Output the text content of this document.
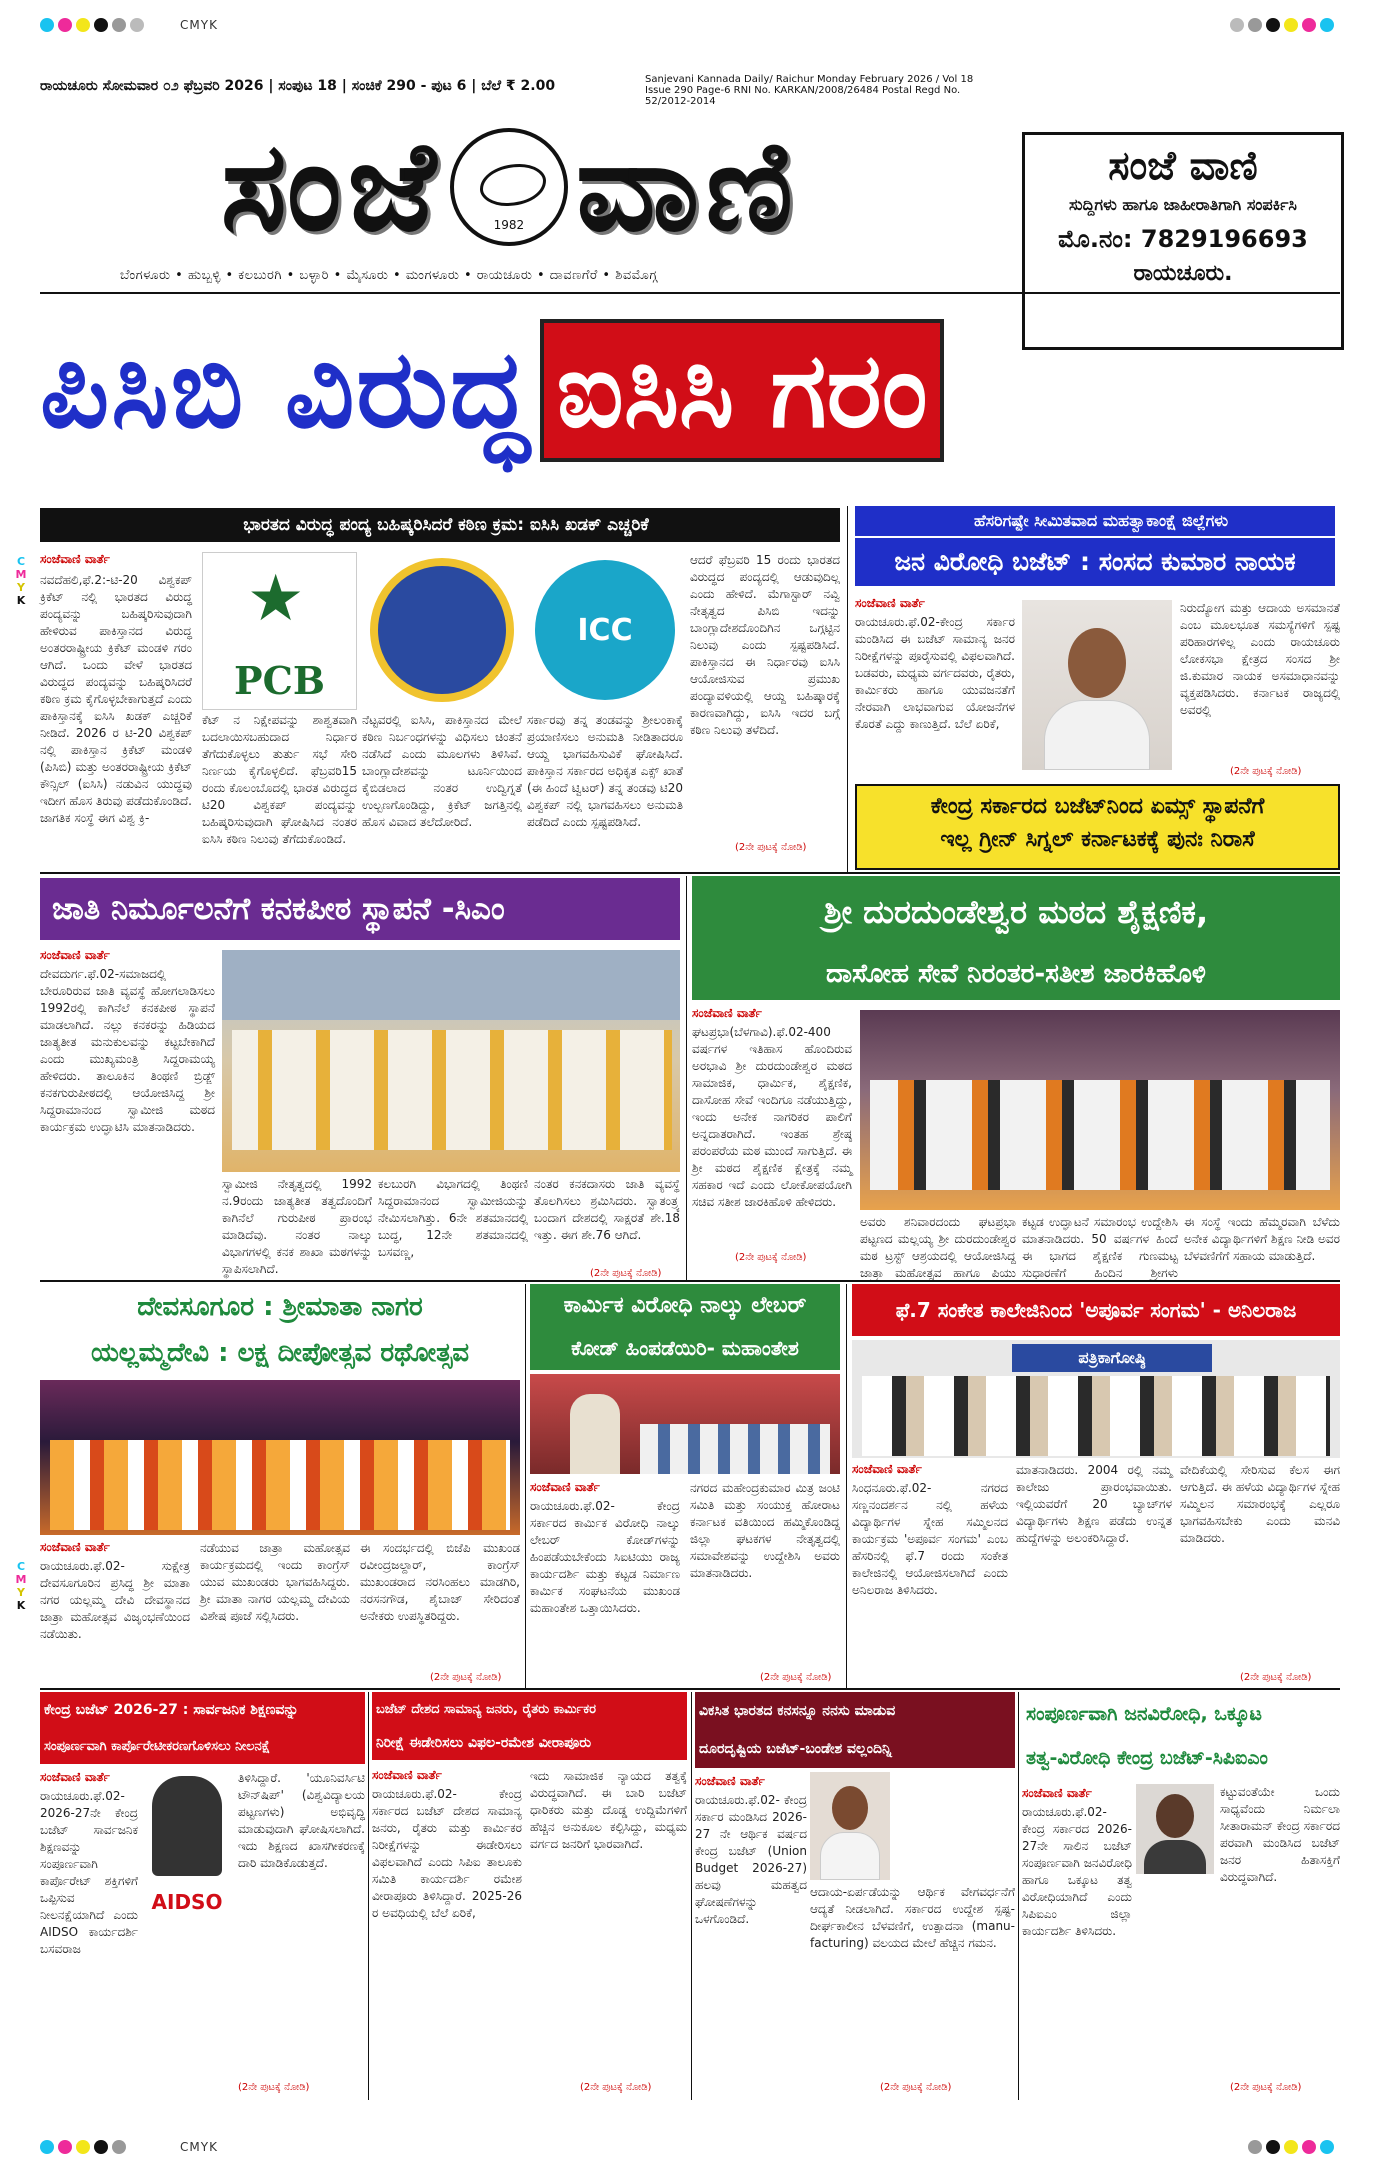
CMYK
CMYK
C
M
Y
K
C
M
Y
K
ರಾಯಚೂರು ಸೋಮವಾರ ೦೨ ಫೆಬ್ರವರಿ 2026 | ಸಂಪುಟ 18 | ಸಂಚಿಕೆ 290 - ಪುಟ 6 | ಬೆಲೆ ₹ 2.00	Sanjevani Kannada Daily/ Raichur Monday February 2026 / Vol 18 Issue 290 Page-6 RNI No. KARKAN/2008/26484 Postal Regd No. 52/2012-2014
ಸಂಜೆ	1982 ವಾಣಿ
ಬೆಂಗಳೂರು • ಹುಬ್ಬಳ್ಳಿ • ಕಲಬುರಗಿ • ಬಳ್ಳಾರಿ • ಮೈಸೂರು • ಮಂಗಳೂರು • ರಾಯಚೂರು • ದಾವಣಗೆರೆ • ಶಿವಮೊಗ್ಗ
ಸಂಜೆ ವಾಣಿ
ಸುದ್ದಿಗಳು ಹಾಗೂ ಜಾಹೀರಾತಿಗಾಗಿ ಸಂಪರ್ಕಿಸಿ
ಮೊ.ನಂ: 7829196693
ರಾಯಚೂರು.
ಪಿಸಿಬಿ ವಿರುದ್ಧ ಐಸಿಸಿ ಗರಂ
ಭಾರತದ ವಿರುದ್ಧ ಪಂದ್ಯ ಬಹಿಷ್ಕರಿಸಿದರೆ ಕಠಿಣ ಕ್ರಮ: ಐಸಿಸಿ ಖಡಕ್ ಎಚ್ಚರಿಕೆ
ಸಂಜೆವಾಣಿ ವಾರ್ತೆ
ನವದೆಹಲಿ,ಫೆ.2:-ಟಿ-20 ವಿಶ್ವಕಪ್ ಕ್ರಿಕೆಟ್ ನಲ್ಲಿ ಭಾರತದ ವಿರುದ್ಧ ಪಂದ್ಯವನ್ನು ಬಹಿಷ್ಕರಿಸುವುದಾಗಿ ಹೇಳಿರುವ ಪಾಕಿಸ್ತಾನದ ವಿರುದ್ಧ ಅಂತರರಾಷ್ಟ್ರೀಯ ಕ್ರಿಕೆಟ್ ಮಂಡಳಿ ಗರಂ ಆಗಿದೆ. ಒಂದು ವೇಳೆ ಭಾರತದ ವಿರುದ್ಧದ ಪಂದ್ಯವನ್ನು ಬಹಿಷ್ಕರಿಸಿದರೆ ಕಠಿಣ ಕ್ರಮ ಕೈಗೊಳ್ಳಬೇಕಾಗುತ್ತದೆ ಎಂದು ಪಾಕಿಸ್ತಾನಕ್ಕೆ ಐಸಿಸಿ ಖಡಕ್ ಎಚ್ಚರಿಕೆ ನೀಡಿದೆ. 2026 ರ ಟಿ-20 ವಿಶ್ವಕಪ್ ನಲ್ಲಿ ಪಾಕಿಸ್ತಾನ ಕ್ರಿಕೆಟ್ ಮಂಡಳಿ (ಪಿಸಿಬಿ) ಮತ್ತು ಅಂತರರಾಷ್ಟ್ರೀಯ ಕ್ರಿಕೆಟ್ ಕೌನ್ಸಿಲ್ (ಐಸಿಸಿ) ನಡುವಿನ ಯುದ್ಧವು ಇದೀಗ ಹೊಸ ತಿರುವು ಪಡೆದುಕೊಂಡಿದೆ. ಜಾಗತಿಕ ಸಂಸ್ಥೆ ಈಗ ವಿಶ್ವ ಕ್ರಿ-
★
PCB
ICC
ಕೆಟ್ ನ ನಿಕ್ಷೇಪವನ್ನು ಶಾಶ್ವತವಾಗಿ ಬದಲಾಯಿಸಬಹುದಾದ ನಿರ್ಧಾರ ತೆಗೆದುಕೊಳ್ಳಲು ತುರ್ತು ಸಭೆ ಸೇರಿ ನಿರ್ಣಯ ಕೈಗೊಳ್ಳಲಿದೆ. ಫೆಬ್ರವರಿ15 ರಂದು ಕೊಲಂಬೊದಲ್ಲಿ ಭಾರತ ವಿರುದ್ಧದ ಟಿ20 ವಿಶ್ವಕಪ್ ಪಂದ್ಯವನ್ನು ಬಹಿಷ್ಕರಿಸುವುದಾಗಿ ಘೋಷಿಸಿದ ನಂತರ ಐಸಿಸಿ ಕಠಿಣ ನಿಲುವು ತೆಗೆದುಕೊಂಡಿದೆ.
ನೆಟ್ಟವರಲ್ಲಿ ಐಸಿಸಿ, ಪಾಕಿಸ್ತಾನದ ಮೇಲೆ ಕಠಿಣ ನಿರ್ಬಂಧಗಳನ್ನು ವಿಧಿಸಲು ಚಿಂತನೆ ನಡೆಸಿದೆ ಎಂದು ಮೂಲಗಳು ತಿಳಿಸಿವೆ. ಬಾಂಗ್ಲಾದೇಶವನ್ನು ಟೂರ್ನಿಯಿಂದ ಕೈಬಿಡಲಾದ ನಂತರ ಉದ್ವಿಗ್ನತೆ ಉಲ್ಬಣಗೊಂಡಿದ್ದು, ಕ್ರಿಕೆಟ್ ಜಗತ್ತಿನಲ್ಲಿ ಹೊಸ ವಿವಾದ ತಲೆದೋರಿದೆ.
ಸರ್ಕಾರವು ತನ್ನ ತಂಡವನ್ನು ಶ್ರೀಲಂಕಾಕ್ಕೆ ಪ್ರಯಾಣಿಸಲು ಅನುಮತಿ ನೀಡಿತಾದರೂ ಆಯ್ದ ಭಾಗವಹಿಸುವಿಕೆ ಘೋಷಿಸಿದೆ. ಪಾಕಿಸ್ತಾನ ಸರ್ಕಾರದ ಅಧಿಕೃತ ಎಕ್ಸ್ ಖಾತೆ (ಈ ಹಿಂದೆ ಟ್ವಿಟರ್) ತನ್ನ ತಂಡವು ಟಿ20 ವಿಶ್ವಕಪ್ ನಲ್ಲಿ ಭಾಗವಹಿಸಲು ಅನುಮತಿ ಪಡೆದಿದೆ ಎಂದು ಸ್ಪಷ್ಟಪಡಿಸಿದೆ.
ಆದರೆ ಫೆಬ್ರವರಿ 15 ರಂದು ಭಾರತದ ವಿರುದ್ಧದ ಪಂದ್ಯದಲ್ಲಿ ಆಡುವುದಿಲ್ಲ ಎಂದು ಹೇಳಿದೆ. ಮೆಗಾಸ್ಟಾರ್ ನವ್ವಿ ನೇತೃತ್ವದ ಪಿಸಿಬಿ ಇದನ್ನು ಬಾಂಗ್ಲಾದೇಶದೊಂದಿಗಿನ ಒಗ್ಗಟ್ಟಿನ ನಿಲುವು ಎಂದು ಸ್ಪಷ್ಟಪಡಿಸಿದೆ. ಪಾಕಿಸ್ತಾನದ ಈ ನಿರ್ಧಾರವು ಐಸಿಸಿ ಆಯೋಜಿಸುವ ಪ್ರಮುಖ ಪಂದ್ಯಾವಳಿಯಲ್ಲಿ ಆಯ್ದ ಬಹಿಷ್ಕಾರಕ್ಕೆ ಕಾರಣವಾಗಿದ್ದು, ಐಸಿಸಿ ಇದರ ಬಗ್ಗೆ ಕಠಿಣ ನಿಲುವು ತಳೆದಿದೆ.
(2ನೇ ಪುಟಕ್ಕೆ ನೋಡಿ)
ಹೆಸರಿಗಷ್ಟೇ ಸೀಮಿತವಾದ ಮಹತ್ವಾಕಾಂಕ್ಷೆ ಜಿಲ್ಲೆಗಳು
ಜನ ವಿರೋಧಿ ಬಜೆಟ್ : ಸಂಸದ ಕುಮಾರ ನಾಯಕ
ಸಂಜೆವಾಣಿ ವಾರ್ತೆ
ರಾಯಚೂರು.ಫೆ.02-ಕೇಂದ್ರ ಸರ್ಕಾರ ಮಂಡಿಸಿದ ಈ ಬಜೆಟ್ ಸಾಮಾನ್ಯ ಜನರ ನಿರೀಕ್ಷೆಗಳನ್ನು ಪೂರೈಸುವಲ್ಲಿ ವಿಫಲವಾಗಿದೆ. ಬಡವರು, ಮಧ್ಯಮ ವರ್ಗದವರು, ರೈತರು, ಕಾರ್ಮಿಕರು ಹಾಗೂ ಯುವಜನತೆಗೆ ನೇರವಾಗಿ ಲಾಭವಾಗುವ ಯೋಜನೆಗಳ ಕೊರತೆ ಎದ್ದು ಕಾಣುತ್ತಿದೆ. ಬೆಲೆ ಏರಿಕೆ,
ನಿರುದ್ಯೋಗ ಮತ್ತು ಆದಾಯ ಅಸಮಾನತೆ ಎಂಬ ಮೂಲಭೂತ ಸಮಸ್ಯೆಗಳಿಗೆ ಸ್ಪಷ್ಟ ಪರಿಹಾರಗಳಿಲ್ಲ ಎಂದು ರಾಯಚೂರು ಲೋಕಸಭಾ ಕ್ಷೇತ್ರದ ಸಂಸದ ಶ್ರೀ ಜಿ.ಕುಮಾರ ನಾಯಕ ಅಸಮಾಧಾನವನ್ನು ವ್ಯಕ್ತಪಡಿಸಿದರು. ಕರ್ನಾಟಕ ರಾಜ್ಯದಲ್ಲಿ ಅವರಲ್ಲಿ
(2ನೇ ಪುಟಕ್ಕೆ ನೋಡಿ)
ಕೇಂದ್ರ ಸರ್ಕಾರದ ಬಜೆಟ್‌ನಿಂದ ಏಮ್ಸ್ ಸ್ಥಾಪನೆಗೆ
ಇಲ್ಲ ಗ್ರೀನ್ ಸಿಗ್ನಲ್ ಕರ್ನಾಟಕಕ್ಕೆ ಪುನಃ ನಿರಾಸೆ
ಜಾತಿ ನಿರ್ಮೂಲನೆಗೆ ಕನಕಪೀಠ ಸ್ಥಾಪನೆ -ಸಿಎಂ
ಸಂಜೆವಾಣಿ ವಾರ್ತೆ
ದೇವದುರ್ಗ.ಫೆ.02-ಸಮಾಜದಲ್ಲಿ ಬೇರೂರಿರುವ ಜಾತಿ ವ್ಯವಸ್ಥೆ ಹೋಗಲಾಡಿಸಲು 1992ರಲ್ಲಿ ಕಾಗಿನೆಲೆ ಕನಕಪೀಠ ಸ್ಥಾಪನೆ ಮಾಡಲಾಗಿದೆ. ನಲ್ಲು ಕನಕರನ್ನು ಹಿಡಿಯದ ಜಾತ್ಯತೀತ ಮನುಕುಲವನ್ನು ಕಟ್ಟಬೇಕಾಗಿದೆ ಎಂದು ಮುಖ್ಯಮಂತ್ರಿ ಸಿದ್ದರಾಮಯ್ಯ ಹೇಳಿದರು. ತಾಲೂಕಿನ ತಿಂಥಣಿ ಬ್ರಿಡ್ಜ್ ಕನಕಗುರುಪೀಠದಲ್ಲಿ ಆಯೋಜಿಸಿದ್ದ ಶ್ರೀ ಸಿದ್ದರಾಮಾನಂದ ಸ್ವಾಮೀಜಿ ಮಠದ ಕಾರ್ಯಕ್ರಮ ಉದ್ಘಾಟಿಸಿ ಮಾತನಾಡಿದರು.
ಸ್ವಾಮೀಜಿ ನೇತೃತ್ವದಲ್ಲಿ 1992 ನ.9ರಂದು ಜಾತ್ಯತೀತ ತತ್ವದೊಂದಿಗೆ ಕಾಗಿನೆಲೆ ಗುರುಪೀಠ ಪ್ರಾರಂಭ ಮಾಡಿದೆವು. ನಂತರ ನಾಲ್ಕು ವಿಭಾಗಗಳಲ್ಲಿ ಕನಕ ಶಾಖಾ ಮಠಗಳನ್ನು ಸ್ಥಾಪಿಸಲಾಗಿದೆ.
ಕಲಬುರಗಿ ವಿಭಾಗದಲ್ಲಿ ತಿಂಥಣಿ ಸಿದ್ದರಾಮಾನಂದ ಸ್ವಾಮೀಜಿಯನ್ನು ನೇಮಿಸಲಾಗಿತ್ತು. 6ನೇ ಶತಮಾನದಲ್ಲಿ ಬುದ್ಧ, 12ನೇ ಶತಮಾನದಲ್ಲಿ ಬಸವಣ್ಣ,
ನಂತರ ಕನಕದಾಸರು ಜಾತಿ ವ್ಯವಸ್ಥೆ ತೊಲಗಿಸಲು ಶ್ರಮಿಸಿದರು. ಸ್ವಾತಂತ್ರ್ಯ ಬಂದಾಗ ದೇಶದಲ್ಲಿ ಸಾಕ್ಷರತೆ ಶೇ.18 ಇತ್ತು. ಈಗ ಶೇ.76 ಆಗಿದೆ.
(2ನೇ ಪುಟಕ್ಕೆ ನೋಡಿ)
ಶ್ರೀ ದುರದುಂಡೇಶ್ವರ ಮಠದ ಶೈಕ್ಷಣಿಕ,
ದಾಸೋಹ ಸೇವೆ ನಿರಂತರ-ಸತೀಶ ಜಾರಕಿಹೊಳಿ
ಸಂಜೆವಾಣಿ ವಾರ್ತೆ
ಘಟಪ್ರಭಾ(ಬೆಳಗಾವಿ).ಫೆ.02-400 ವರ್ಷಗಳ ಇತಿಹಾಸ ಹೊಂದಿರುವ ಅರಭಾವಿ ಶ್ರೀ ದುರದುಂಡೇಶ್ವರ ಮಠದ ಸಾಮಾಜಿಕ, ಧಾರ್ಮಿಕ, ಶೈಕ್ಷಣಿಕ, ದಾಸೋಹ ಸೇವೆ ಇಂದಿಗೂ ನಡೆಯುತ್ತಿದ್ದು, ಇಂದು ಅನೇಕ ನಾಗರಿಕರ ಪಾಲಿಗೆ ಅನ್ನದಾತರಾಗಿದೆ. ಇಂತಹ ಶ್ರೇಷ್ಠ ಪರಂಪರೆಯ ಮಠ ಮುಂದೆ ಸಾಗುತ್ತಿದೆ. ಈ ಶ್ರೀ ಮಠದ ಶೈಕ್ಷಣಿಕ ಕ್ಷೇತ್ರಕ್ಕೆ ನಮ್ಮ ಸಹಕಾರ ಇದೆ ಎಂದು ಲೋಕೋಪಯೋಗಿ ಸಚಿವ ಸತೀಶ ಜಾರಕಿಹೊಳಿ ಹೇಳಿದರು.
ಅವರು ಶನಿವಾರದಂದು ಘಟಪ್ರಭಾ ಪಟ್ಟಣದ ಮಲ್ಲಯ್ಯ ಶ್ರೀ ದುರದುಂಡೇಶ್ವರ ಮಠ ಟ್ರಸ್ಟ್ ಆಶ್ರಯದಲ್ಲಿ ಆಯೋಜಿಸಿದ್ದ ಜಾತ್ರಾ ಮಹೋತ್ಸವ ಹಾಗೂ ಪಿಯು
ಕಟ್ಟಡ ಉದ್ಘಾಟನೆ ಸಮಾರಂಭ ಉದ್ದೇಶಿಸಿ ಮಾತನಾಡಿದರು. 50 ವರ್ಷಗಳ ಹಿಂದೆ ಈ ಭಾಗದ ಶೈಕ್ಷಣಿಕ ಗುಣಮಟ್ಟ ಸುಧಾರಣೆಗೆ ಹಿಂದಿನ ಶ್ರೀಗಳು
ಈ ಸಂಸ್ಥೆ ಇಂದು ಹೆಮ್ಮರವಾಗಿ ಬೆಳೆದು ಅನೇಕ ವಿದ್ಯಾರ್ಥಿಗಳಿಗೆ ಶಿಕ್ಷಣ ನೀಡಿ ಅವರ ಬೆಳವಣಿಗೆಗೆ ಸಹಾಯ ಮಾಡುತ್ತಿದೆ.
(2ನೇ ಪುಟಕ್ಕೆ ನೋಡಿ)
ದೇವಸೂಗೂರ : ಶ್ರೀಮಾತಾ ನಾಗರ
ಯಲ್ಲಮ್ಮದೇವಿ : ಲಕ್ಷ ದೀಪೋತ್ಸವ ರಥೋತ್ಸವ
ಸಂಜೆವಾಣಿ ವಾರ್ತೆ
ರಾಯಚೂರು.ಫೆ.02- ಸುಕ್ಷೇತ್ರ ದೇವಸೂಗೂರಿನ ಪ್ರಸಿದ್ಧ ಶ್ರೀ ಮಾತಾ ನಗರ ಯಲ್ಲಮ್ಮ ದೇವಿ ದೇವಸ್ಥಾನದ ಜಾತ್ರಾ ಮಹೋತ್ಸವ ವಿಜೃಂಭಣೆಯಿಂದ ನಡೆಯಿತು.
ನಡೆಯುವ ಜಾತ್ರಾ ಮಹೋತ್ಸವ ಕಾರ್ಯಕ್ರಮದಲ್ಲಿ ಇಂದು ಕಾಂಗ್ರೆಸ್ ಯುವ ಮುಖಂಡರು ಭಾಗವಹಿಸಿದ್ದರು. ಶ್ರೀ ಮಾತಾ ನಾಗರ ಯಲ್ಲಮ್ಮ ದೇವಿಯ ವಿಶೇಷ ಪೂಜೆ ಸಲ್ಲಿಸಿದರು.
ಈ ಸಂದರ್ಭದಲ್ಲಿ ಬಿಜೆಪಿ ಮುಖಂಡ ರವೀಂದ್ರಜಲ್ದಾರ್, ಕಾಂಗ್ರೆಸ್ ಮುಖಂಡರಾದ ನರಸಿಂಹಲು ಮಾಡಗಿರಿ, ನರಸನಗೌಡ, ಶೈಬಾಜ್ ಸೇರಿದಂತೆ ಅನೇಕರು ಉಪಸ್ಥಿತರಿದ್ದರು.
(2ನೇ ಪುಟಕ್ಕೆ ನೋಡಿ)
ಕಾರ್ಮಿಕ ವಿರೋಧಿ ನಾಲ್ಕು ಲೇಬರ್
ಕೋಡ್ ಹಿಂಪಡೆಯಿರಿ- ಮಹಾಂತೇಶ
ಸಂಜೆವಾಣಿ ವಾರ್ತೆ
ರಾಯಚೂರು.ಫೆ.02- ಕೇಂದ್ರ ಸರ್ಕಾರದ ಕಾರ್ಮಿಕ ವಿರೋಧಿ ನಾಲ್ಕು ಲೇಬರ್ ಕೋಡ್‌ಗಳನ್ನು ಹಿಂಪಡೆಯಬೇಕೆಂದು ಸಿಐಟಿಯು ರಾಜ್ಯ ಕಾರ್ಯದರ್ಶಿ ಮತ್ತು ಕಟ್ಟಡ ನಿರ್ಮಾಣ ಕಾರ್ಮಿಕ ಸಂಘಟನೆಯ ಮುಖಂಡ ಮಹಾಂತೇಶ ಒತ್ತಾಯಿಸಿದರು.
ನಗರದ ಮಹೇಂದ್ರಕುಮಾರ ಮಿತ್ರ ಜಂಟಿ ಸಮಿತಿ ಮತ್ತು ಸಂಯುಕ್ತ ಹೋರಾಟ ಕರ್ನಾಟಕ ವತಿಯಿಂದ ಹಮ್ಮಿಕೊಂಡಿದ್ದ ಜಿಲ್ಲಾ ಘಟಕಗಳ ನೇತೃತ್ವದಲ್ಲಿ ಸಮಾವೇಶವನ್ನು ಉದ್ದೇಶಿಸಿ ಅವರು ಮಾತನಾಡಿದರು.
(2ನೇ ಪುಟಕ್ಕೆ ನೋಡಿ)
ಫೆ.7 ಸಂಕೇತ ಕಾಲೇಜಿನಿಂದ 'ಅಪೂರ್ವ ಸಂಗಮ' - ಅನಿಲರಾಜ
ಪತ್ರಿಕಾಗೋಷ್ಠಿ
ಸಂಜೆವಾಣಿ ವಾರ್ತೆ
ಸಿಂಧನೂರು.ಫೆ.02- ನಗರದ ಸಣ್ಣನಂದರ್ಶನ ನಲ್ಲಿ ಹಳೆಯ ವಿದ್ಯಾರ್ಥಿಗಳ ಸ್ನೇಹ ಸಮ್ಮಿಲನದ ಕಾರ್ಯಕ್ರಮ 'ಅಪೂರ್ವ ಸಂಗಮ' ಎಂಬ ಹೆಸರಿನಲ್ಲಿ ಫೆ.7 ರಂದು ಸಂಕೇತ ಕಾಲೇಜಿನಲ್ಲಿ ಆಯೋಜಿಸಲಾಗಿದೆ ಎಂದು ಅನಿಲರಾಜ ತಿಳಿಸಿದರು.
ಮಾತನಾಡಿದರು. 2004 ರಲ್ಲಿ ನಮ್ಮ ಕಾಲೇಜು ಪ್ರಾರಂಭವಾಯಿತು. ಇಲ್ಲಿಯವರೆಗೆ 20 ಬ್ಯಾಚ್‌ಗಳ ವಿದ್ಯಾರ್ಥಿಗಳು ಶಿಕ್ಷಣ ಪಡೆದು ಉನ್ನತ ಹುದ್ದೆಗಳನ್ನು ಅಲಂಕರಿಸಿದ್ದಾರೆ.
ವೇದಿಕೆಯಲ್ಲಿ ಸೇರಿಸುವ ಕೆಲಸ ಈಗ ಆಗುತ್ತಿದೆ. ಈ ಹಳೆಯ ವಿದ್ಯಾರ್ಥಿಗಳ ಸ್ನೇಹ ಸಮ್ಮಿಲನ ಸಮಾರಂಭಕ್ಕೆ ಎಲ್ಲರೂ ಭಾಗವಹಿಸಬೇಕು ಎಂದು ಮನವಿ ಮಾಡಿದರು.
(2ನೇ ಪುಟಕ್ಕೆ ನೋಡಿ)
ಕೇಂದ್ರ ಬಜೆಟ್ 2026-27 : ಸಾರ್ವಜನಿಕ ಶಿಕ್ಷಣವನ್ನು
ಸಂಪೂರ್ಣವಾಗಿ ಕಾರ್ಪೊರೇಟೀಕರಣಗೊಳಿಸಲು ನೀಲನಕ್ಷೆ
ಸಂಜೆವಾಣಿ ವಾರ್ತೆ
ರಾಯಚೂರು.ಫೆ.02- 2026-27ನೇ ಕೇಂದ್ರ ಬಜೆಟ್ ಸಾರ್ವಜನಿಕ ಶಿಕ್ಷಣವನ್ನು ಸಂಪೂರ್ಣವಾಗಿ ಕಾರ್ಪೊರೇಟ್ ಶಕ್ತಿಗಳಿಗೆ ಒಪ್ಪಿಸುವ ನೀಲನಕ್ಷೆಯಾಗಿದೆ ಎಂದು AIDSO ಕಾರ್ಯದರ್ಶಿ ಬಸವರಾಜ
AIDSO
ತಿಳಿಸಿದ್ದಾರೆ. 'ಯೂನಿವರ್ಸಿಟಿ ಟೌನ್‌ಷಿಪ್' (ವಿಶ್ವವಿದ್ಯಾಲಯ ಪಟ್ಟಣಗಳು) ಅಭಿವೃದ್ಧಿ ಮಾಡುವುದಾಗಿ ಘೋಷಿಸಲಾಗಿದೆ. ಇದು ಶಿಕ್ಷಣದ ಖಾಸಗೀಕರಣಕ್ಕೆ ದಾರಿ ಮಾಡಿಕೊಡುತ್ತದೆ.
(2ನೇ ಪುಟಕ್ಕೆ ನೋಡಿ)
ಬಜೆಟ್ ದೇಶದ ಸಾಮಾನ್ಯ ಜನರು, ರೈತರು ಕಾರ್ಮಿಕರ
ನಿರೀಕ್ಷೆ ಈಡೇರಿಸಲು ವಿಫಲ-ರಮೇಶ ವೀರಾಪೂರು
ಸಂಜೆವಾಣಿ ವಾರ್ತೆ
ರಾಯಚೂರು.ಫೆ.02- ಕೇಂದ್ರ ಸರ್ಕಾರದ ಬಜೆಟ್ ದೇಶದ ಸಾಮಾನ್ಯ ಜನರು, ರೈತರು ಮತ್ತು ಕಾರ್ಮಿಕರ ನಿರೀಕ್ಷೆಗಳನ್ನು ಈಡೇರಿಸಲು ವಿಫಲವಾಗಿದೆ ಎಂದು ಸಿಪಿಐ ತಾಲೂಕು ಸಮಿತಿ ಕಾರ್ಯದರ್ಶಿ ರಮೇಶ ವೀರಾಪೂರು ತಿಳಿಸಿದ್ದಾರೆ. 2025-26 ರ ಅವಧಿಯಲ್ಲಿ ಬೆಲೆ ಏರಿಕೆ,
ಇದು ಸಾಮಾಜಿಕ ನ್ಯಾಯದ ತತ್ವಕ್ಕೆ ವಿರುದ್ಧವಾಗಿದೆ. ಈ ಬಾರಿ ಬಜೆಟ್ ಧಾರಿಕರು ಮತ್ತು ದೊಡ್ಡ ಉದ್ದಿಮೆಗಳಿಗೆ ಹೆಚ್ಚಿನ ಅನುಕೂಲ ಕಲ್ಪಿಸಿದ್ದು, ಮಧ್ಯಮ ವರ್ಗದ ಜನರಿಗೆ ಭಾರವಾಗಿದೆ.
(2ನೇ ಪುಟಕ್ಕೆ ನೋಡಿ)
ವಿಕಸಿತ ಭಾರತದ ಕನಸನ್ನೂ ನನಸು ಮಾಡುವ
ದೂರದೃಷ್ಟಿಯ ಬಜೆಟ್-ಬಂಡೇಶ ವಲ್ಲಂದಿನ್ನಿ
ಸಂಜೆವಾಣಿ ವಾರ್ತೆ
ರಾಯಚೂರು.ಫೆ.02- ಕೇಂದ್ರ ಸರ್ಕಾರ ಮಂಡಿಸಿದ 2026-27 ನೇ ಆರ್ಥಿಕ ವರ್ಷದ ಕೇಂದ್ರ ಬಜೆಟ್ (Union Budget 2026-27) ಹಲವು ಮಹತ್ವದ ಘೋಷಣೆಗಳನ್ನು ಒಳಗೊಂಡಿದೆ.
ಆದಾಯ-ಏರ್ಪಡೆಯನ್ನು ಆರ್ಥಿಕ ವೇಗವರ್ಧನೆಗೆ ಆದ್ಯತೆ ನೀಡಲಾಗಿದೆ. ಸರ್ಕಾರದ ಉದ್ದೇಶ ಸ್ಪಷ್ಟ-ದೀರ್ಘಕಾಲೀನ ಬೆಳವಣಿಗೆ, ಉತ್ಪಾದನಾ (manu-facturing) ವಲಯದ ಮೇಲೆ ಹೆಚ್ಚಿನ ಗಮನ.
(2ನೇ ಪುಟಕ್ಕೆ ನೋಡಿ)
ಸಂಪೂರ್ಣವಾಗಿ ಜನವಿರೋಧಿ, ಒಕ್ಕೂಟ
ತತ್ವ-ವಿರೋಧಿ ಕೇಂದ್ರ ಬಜೆಟ್-ಸಿಪಿಐಎಂ
ಸಂಜೆವಾಣಿ ವಾರ್ತೆ
ರಾಯಚೂರು.ಫೆ.02- ಕೇಂದ್ರ ಸರ್ಕಾರದ 2026-27ನೇ ಸಾಲಿನ ಬಜೆಟ್ ಸಂಪೂರ್ಣವಾಗಿ ಜನವಿರೋಧಿ ಹಾಗೂ ಒಕ್ಕೂಟ ತತ್ವ ವಿರೋಧಿಯಾಗಿದೆ ಎಂದು ಸಿಪಿಐಎಂ ಜಿಲ್ಲಾ ಕಾರ್ಯದರ್ಶಿ ತಿಳಿಸಿದರು.
ಕಟ್ಟುವಂತೆಯೇ ಒಂದು ಸಾಧ್ಯವೆಂದು ನಿರ್ಮಲಾ ಸೀತಾರಾಮನ್ ಕೇಂದ್ರ ಸರ್ಕಾರದ ಪರವಾಗಿ ಮಂಡಿಸಿದ ಬಜೆಟ್ ಜನರ ಹಿತಾಸಕ್ತಿಗೆ ವಿರುದ್ಧವಾಗಿದೆ.
(2ನೇ ಪುಟಕ್ಕೆ ನೋಡಿ)
